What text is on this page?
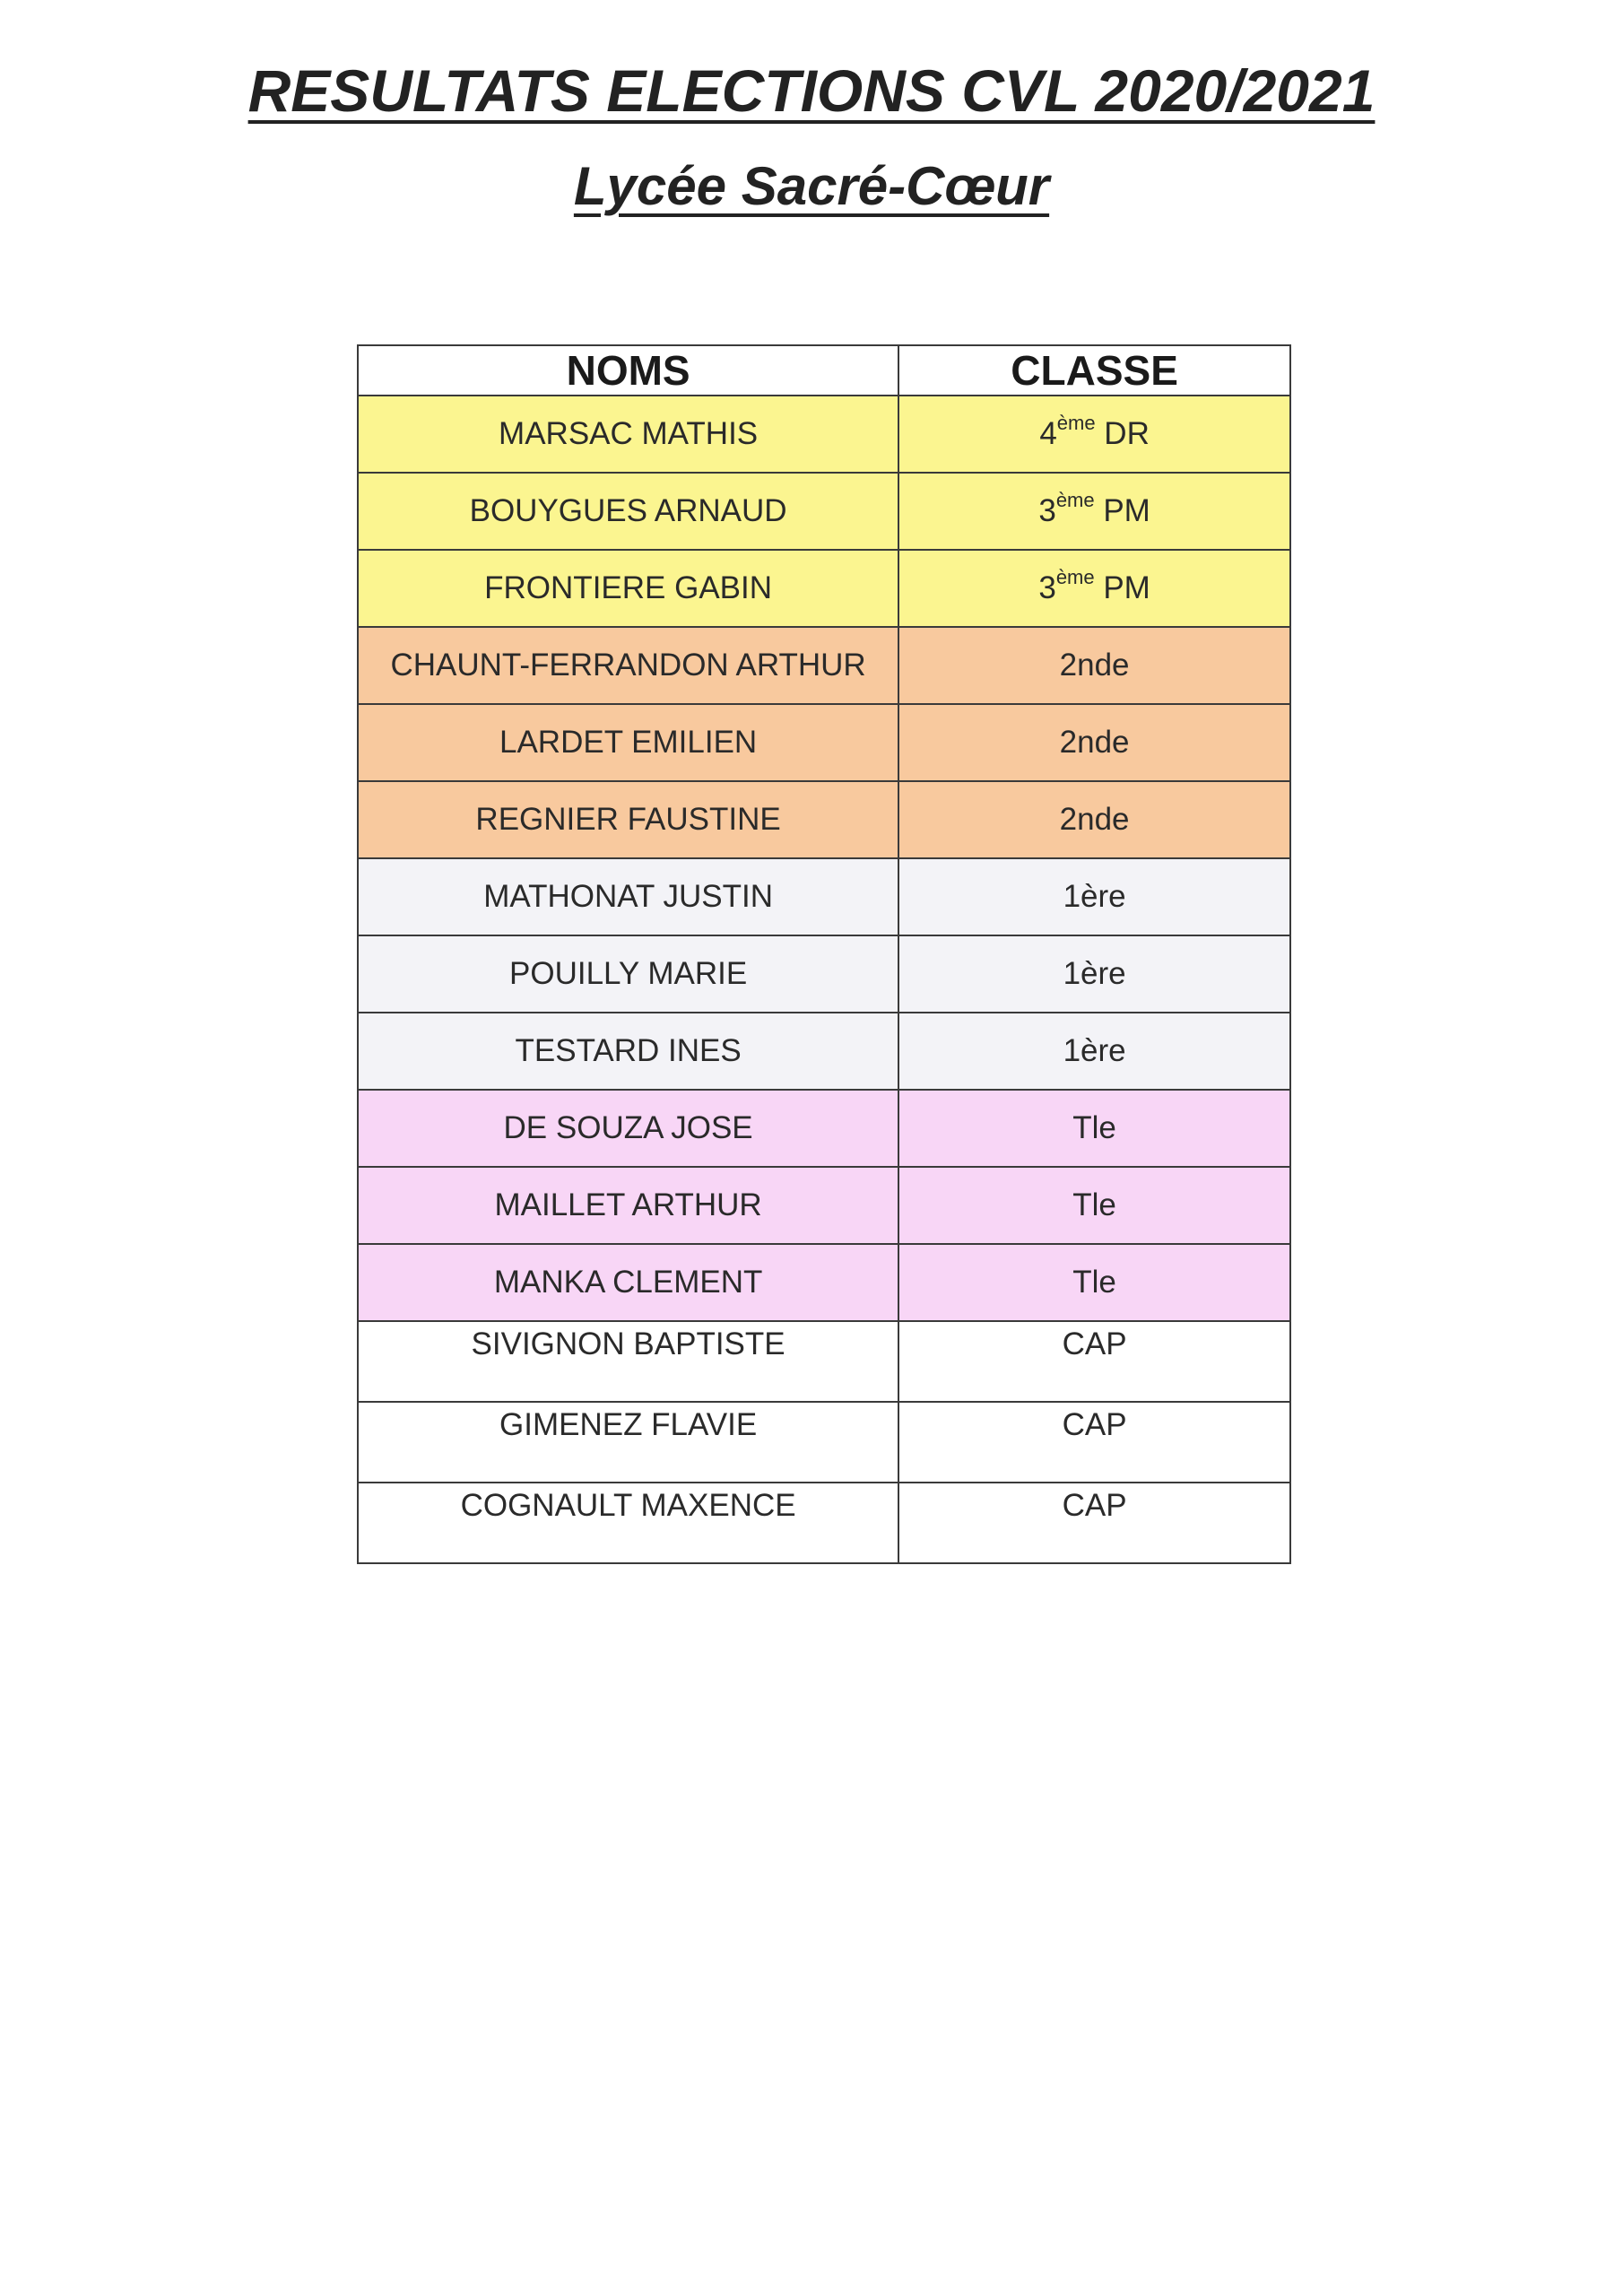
RESULTATS ELECTIONS CVL 2020/2021
Lycée Sacré-Cœur
NOMS	CLASSE
MARSAC MATHIS	4ème DR
BOUYGUES ARNAUD	3ème PM
FRONTIERE GABIN	3ème PM
CHAUNT-FERRANDON ARTHUR	2nde
LARDET EMILIEN	2nde
REGNIER FAUSTINE	2nde
MATHONAT JUSTIN	1ère
POUILLY MARIE	1ère
TESTARD INES	1ère
DE SOUZA JOSE	Tle
MAILLET ARTHUR	Tle
MANKA CLEMENT	Tle
SIVIGNON BAPTISTE	CAP
GIMENEZ FLAVIE	CAP
COGNAULT MAXENCE	CAP
